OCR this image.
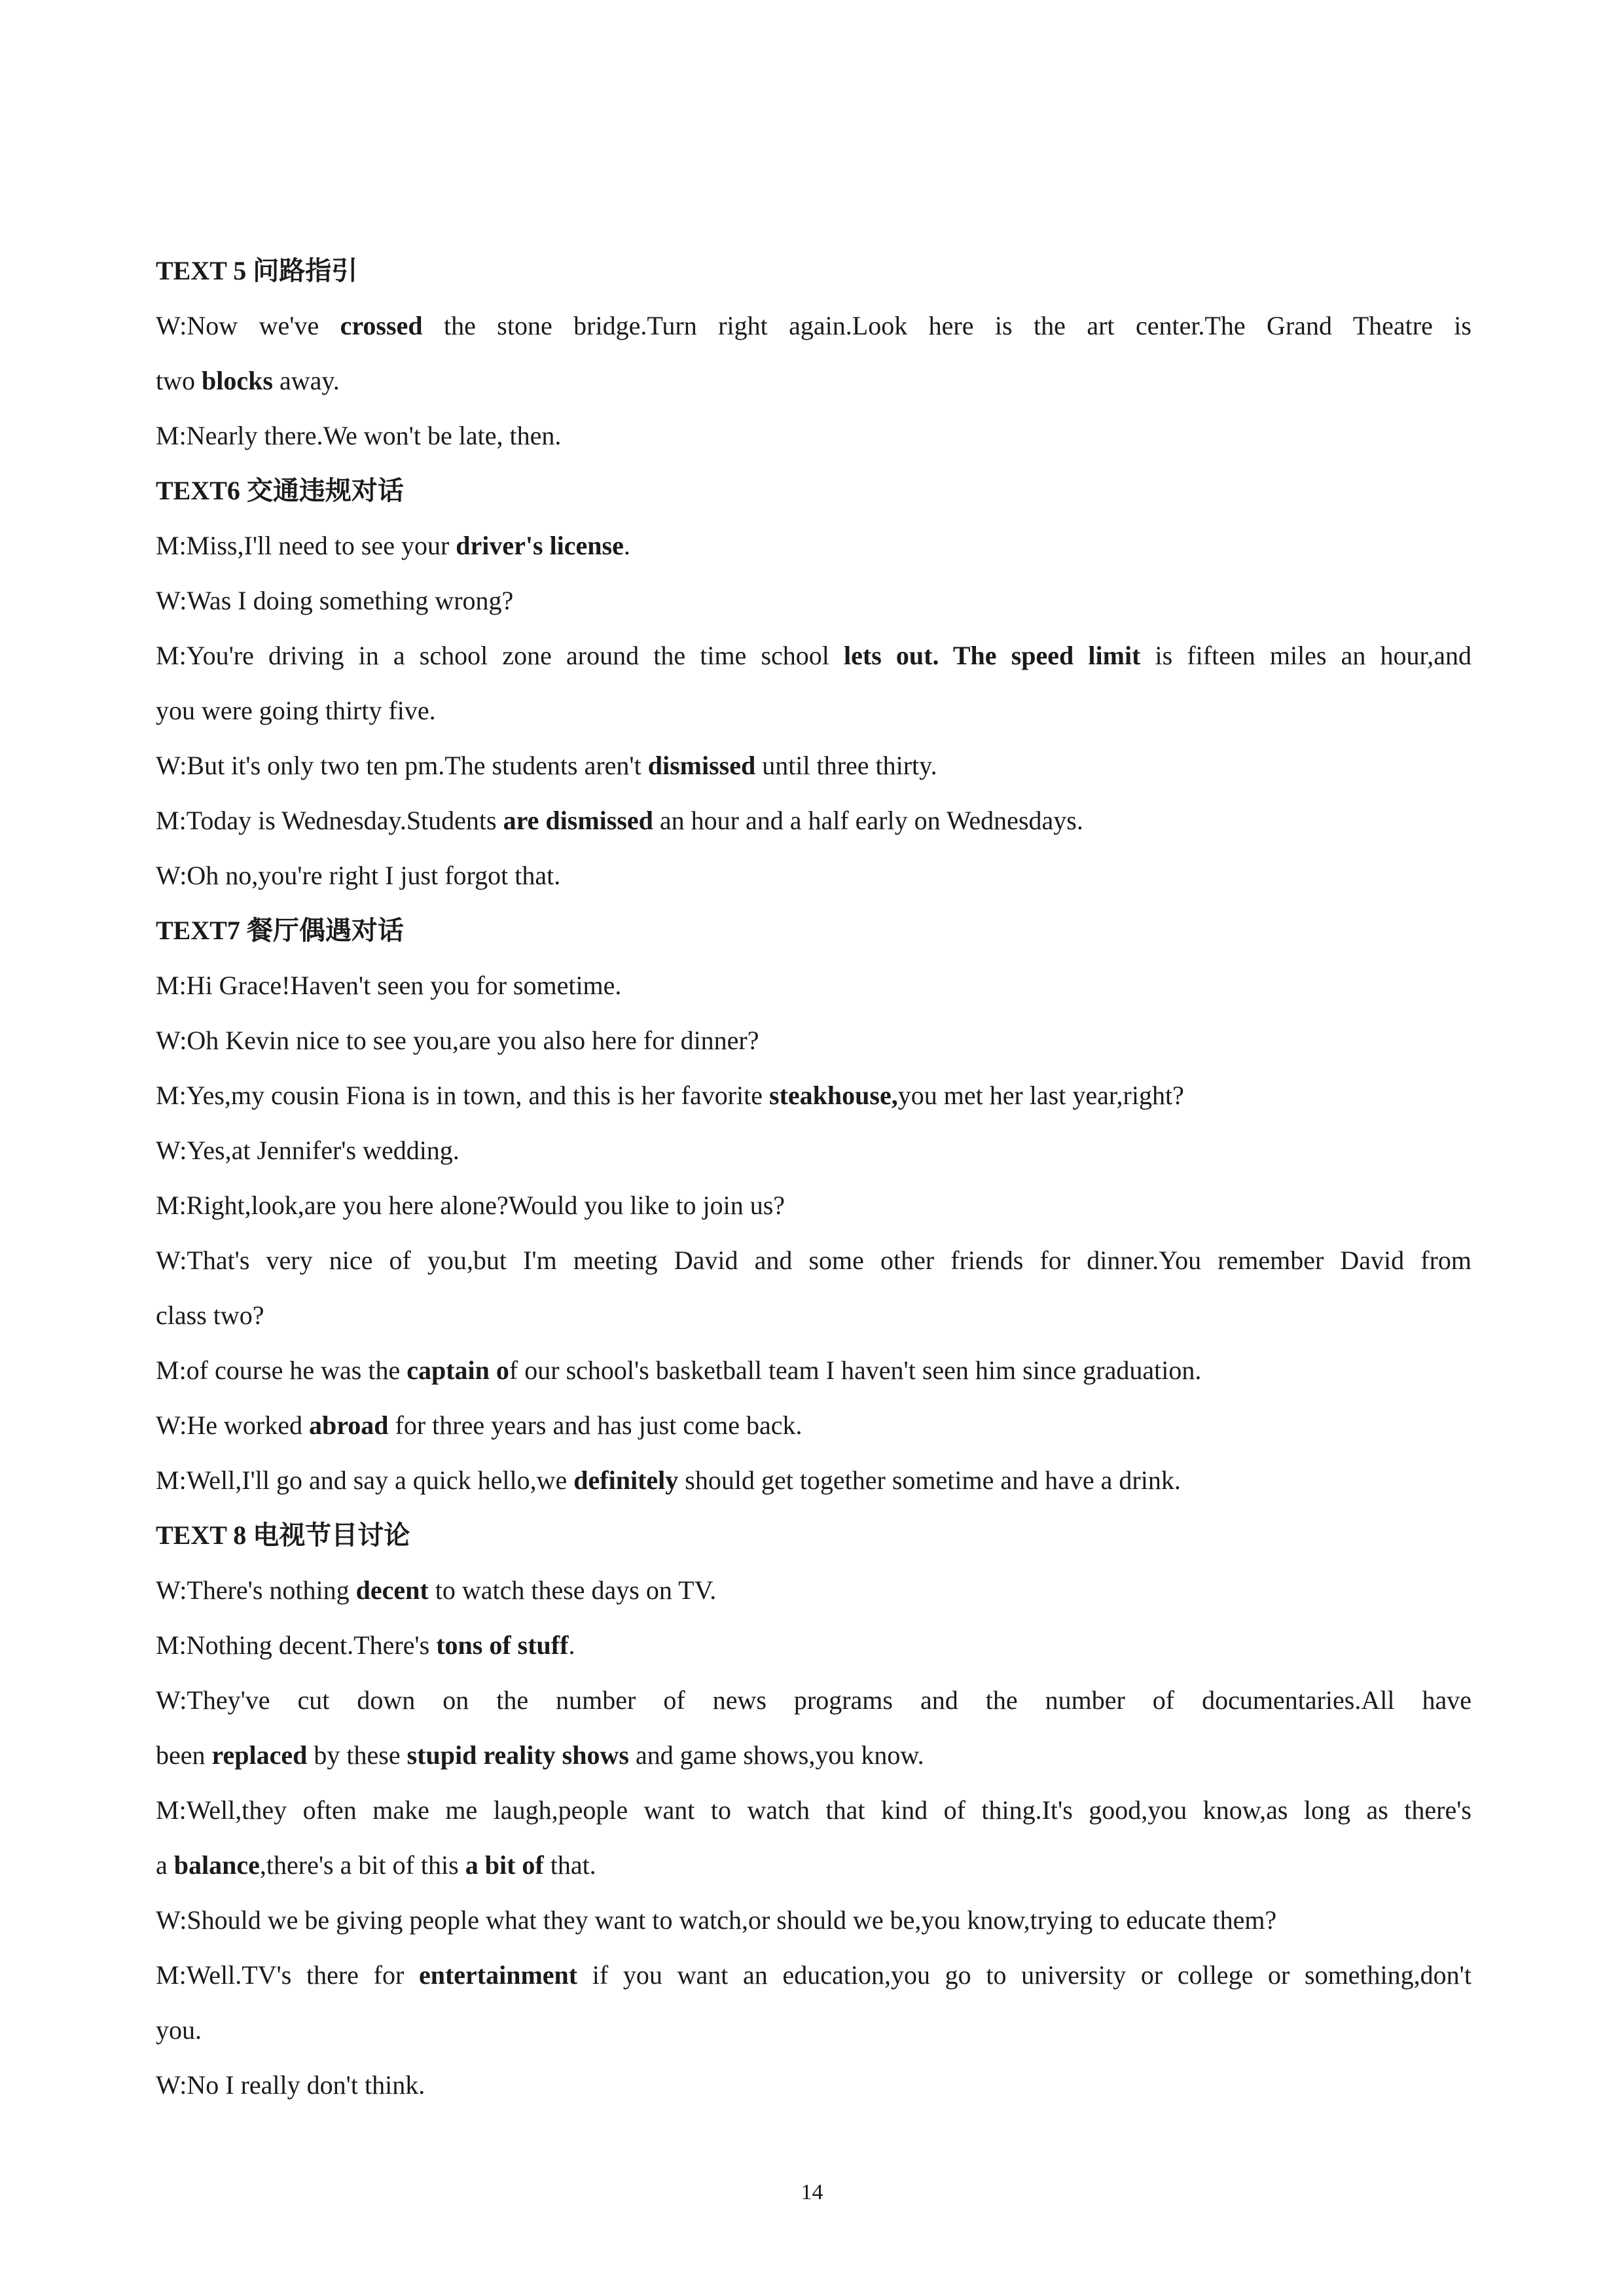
TEXT 5 问路指引
W:Now we've crossed the stone bridge.Turn right again.Look here is the art center.The Grand Theatre is
two blocks away.
M:Nearly there.We won't be late, then.
TEXT6 交通违规对话
M:Miss,I'll need to see your driver's license.
W:Was I doing something wrong?
M:You're driving in a school zone around the time school lets out. The speed limit is fifteen miles an hour,and
you were going thirty five.
W:But it's only two ten pm.The students aren't dismissed until three thirty.
M:Today is Wednesday.Students are dismissed an hour and a half early on Wednesdays.
W:Oh no,you're right I just forgot that.
TEXT7 餐厅偶遇对话
M:Hi Grace!Haven't seen you for sometime.
W:Oh Kevin nice to see you,are you also here for dinner?
M:Yes,my cousin Fiona is in town, and this is her favorite steakhouse,you met her last year,right?
W:Yes,at Jennifer's wedding.
M:Right,look,are you here alone?Would you like to join us?
W:That's very nice of you,but I'm meeting David and some other friends for dinner.You remember David from
class two?
M:of course he was the captain of our school's basketball team I haven't seen him since graduation.
W:He worked abroad for three years and has just come back.
M:Well,I'll go and say a quick hello,we definitely should get together sometime and have a drink.
TEXT 8 电视节目讨论
W:There's nothing decent to watch these days on TV.
M:Nothing decent.There's tons of stuff.
W:They've cut down on the number of news programs and the number of documentaries.All have
been replaced by these stupid reality shows and game shows,you know.
M:Well,they often make me laugh,people want to watch that kind of thing.It's good,you know,as long as there's
a balance,there's a bit of this a bit of that.
W:Should we be giving people what they want to watch,or should we be,you know,trying to educate them?
M:Well.TV's there for entertainment if you want an education,you go to university or college or something,don't
you.
W:No I really don't think.
14
